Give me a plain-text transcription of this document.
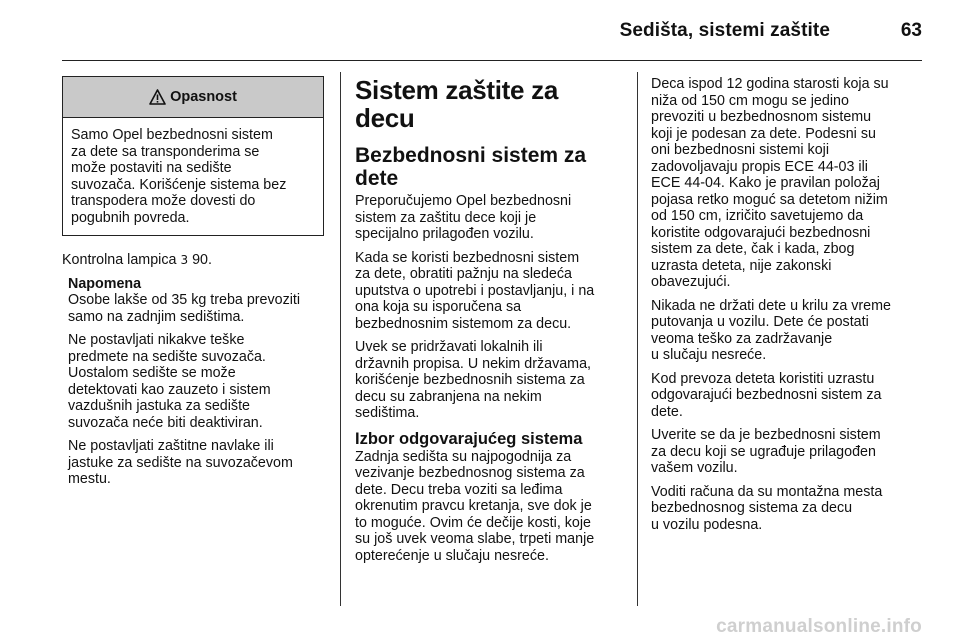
Sedišta, sistemi zaštite	63
Opasnost
Samo Opel bezbednosni sistem
za dete sa transponderima se
može postaviti na sedište
suvozača. Korišćenje sistema bez
transpodera može dovesti do
pogubnih povreda.

Kontrolna lampica 3 90.

Napomena

Osobe lakše od 35 kg treba prevoziti
samo na zadnjim sedištima.

Ne postavljati nikakve teške
predmete na sedište suvozača.
Uostalom sedište se može
detektovati kao zauzeto i sistem
vazdušnih jastuka za sedište
suvozača neće biti deaktiviran.

Ne postavljati zaštitne navlake ili
jastuke za sedište na suvozačevom
mestu.

Sistem zaštite za decu
Bezbednosni sistem za
dete

Preporučujemo Opel bezbednosni
sistem za zaštitu dece koji je
specijalno prilagođen vozilu.

Kada se koristi bezbednosni sistem
za dete, obratiti pažnju na sledeća
uputstva o upotrebi i postavljanju, i na
ona koja su isporučena sa
bezbednosnim sistemom za decu.

Uvek se pridržavati lokalnih ili
državnih propisa. U nekim državama,
korišćenje bezbednosnih sistema za
decu su zabranjena na nekim
sedištima.

Izbor odgovarajućeg sistema

Zadnja sedišta su najpogodnija za
vezivanje bezbednosnog sistema za
dete. Decu treba voziti sa leđima
okrenutim pravcu kretanja, sve dok je
to moguće. Ovim će dečije kosti, koje
su još uvek veoma slabe, trpeti manje
opterećenje u slučaju nesreće.

Deca ispod 12 godina starosti koja su
niža od 150 cm mogu se jedino
prevoziti u bezbednosnom sistemu
koji je podesan za dete. Podesni su
oni bezbednosni sistemi koji
zadovoljavaju propis ECE 44-03 ili
ECE 44-04. Kako je pravilan položaj
pojasa retko moguć sa detetom nižim
od 150 cm, izričito savetujemo da
koristite odgovarajući bezbednosni
sistem za dete, čak i kada, zbog
uzrasta deteta, nije zakonski
obavezujući.

Nikada ne držati dete u krilu za vreme
putovanja u vozilu. Dete će postati
veoma teško za zadržavanje
u slučaju nesreće.

Kod prevoza deteta koristiti uzrastu
odgovarajući bezbednosni sistem za
dete.

Uverite se da je bezbednosni sistem
za decu koji se ugrađuje prilagođen
vašem vozilu.

Voditi računa da su montažna mesta
bezbednosnog sistema za decu
u vozilu podesna.

carmanualsonline.info
